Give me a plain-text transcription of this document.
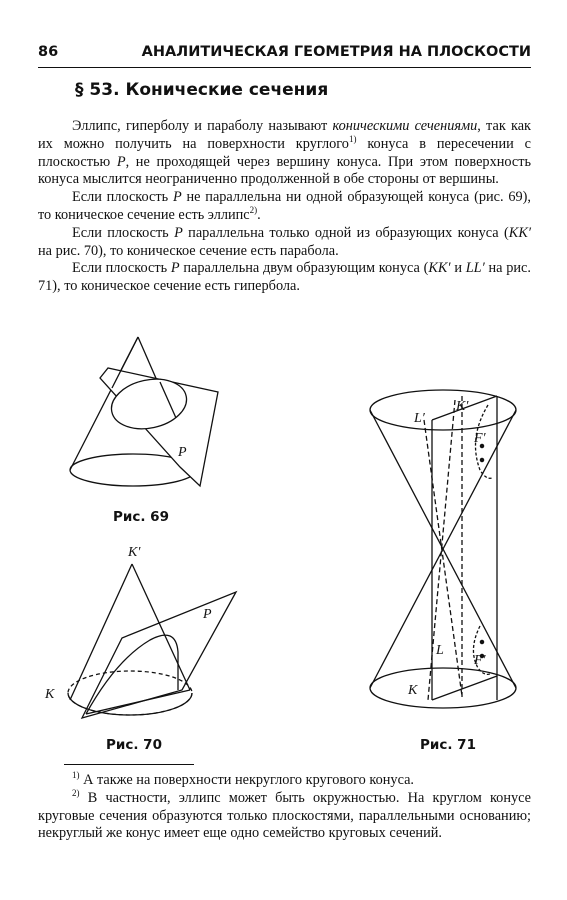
86	АНАЛИТИЧЕСКАЯ ГЕОМЕТРИЯ НА ПЛОСКОСТИ
§ 53. Конические сечения

Эллипс, гиперболу и параболу называют коническими сечениями, так как их можно получить на поверхности круглого$^{1)}$ конуса в пересечении с плоскостью P, не проходящей через вершину конуса. При этом поверхность конуса мыслится неограниченно продолженной в обе стороны от вершины.

Если плоскость P не параллельна ни одной образующей конуса (рис. 69), то коническое сечение есть эллипс$^{2)}$.

Если плоскость P параллельна только одной из образующих конуса (KK′ на рис. 70), то коническое сечение есть парабола.

Если плоскость P параллельна двум образующим конуса (KK′ и LL′ на рис. 71), то коническое сечение есть гипербола.

P
K
K′
P
L′
K′
F′
L
K
F′
Рис. 69
Рис. 70	Рис. 71

$^{1)}$ А также на поверхности некруглого кругового конуса.

$^{2)}$ В частности, эллипс может быть окружностью. На круглом конусе круговые сечения образуются только плоскостями, параллельными основанию; некруглый же конус имеет еще одно семейство круговых сечений.
